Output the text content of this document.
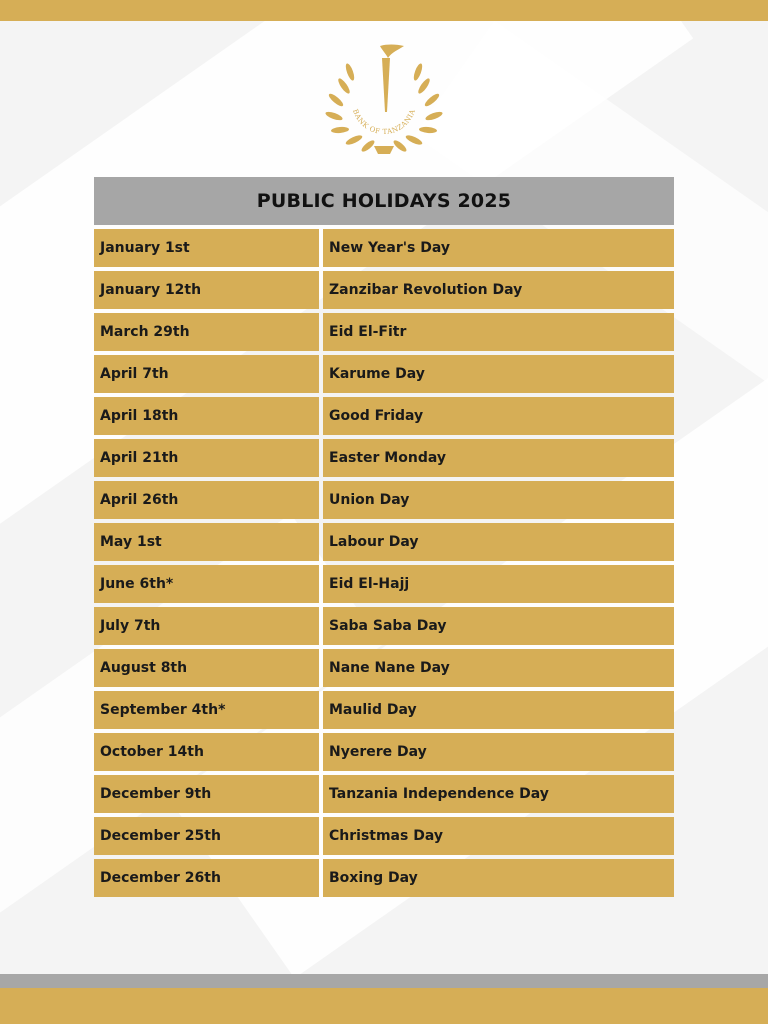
BANK OF TANZANIA
PUBLIC HOLIDAYS 2025
January 1st	New Year's Day
January 12th	Zanzibar Revolution Day
March 29th	Eid El-Fitr
April 7th	Karume Day
April 18th	Good Friday
April 21th	Easter Monday
April 26th	Union Day
May 1st	Labour Day
June 6th*	Eid El-Hajj
July 7th	Saba Saba Day
August 8th	Nane Nane Day
September 4th*	Maulid Day
October 14th	Nyerere Day
December 9th	Tanzania Independence Day
December 25th	Christmas Day
December 26th	Boxing Day
